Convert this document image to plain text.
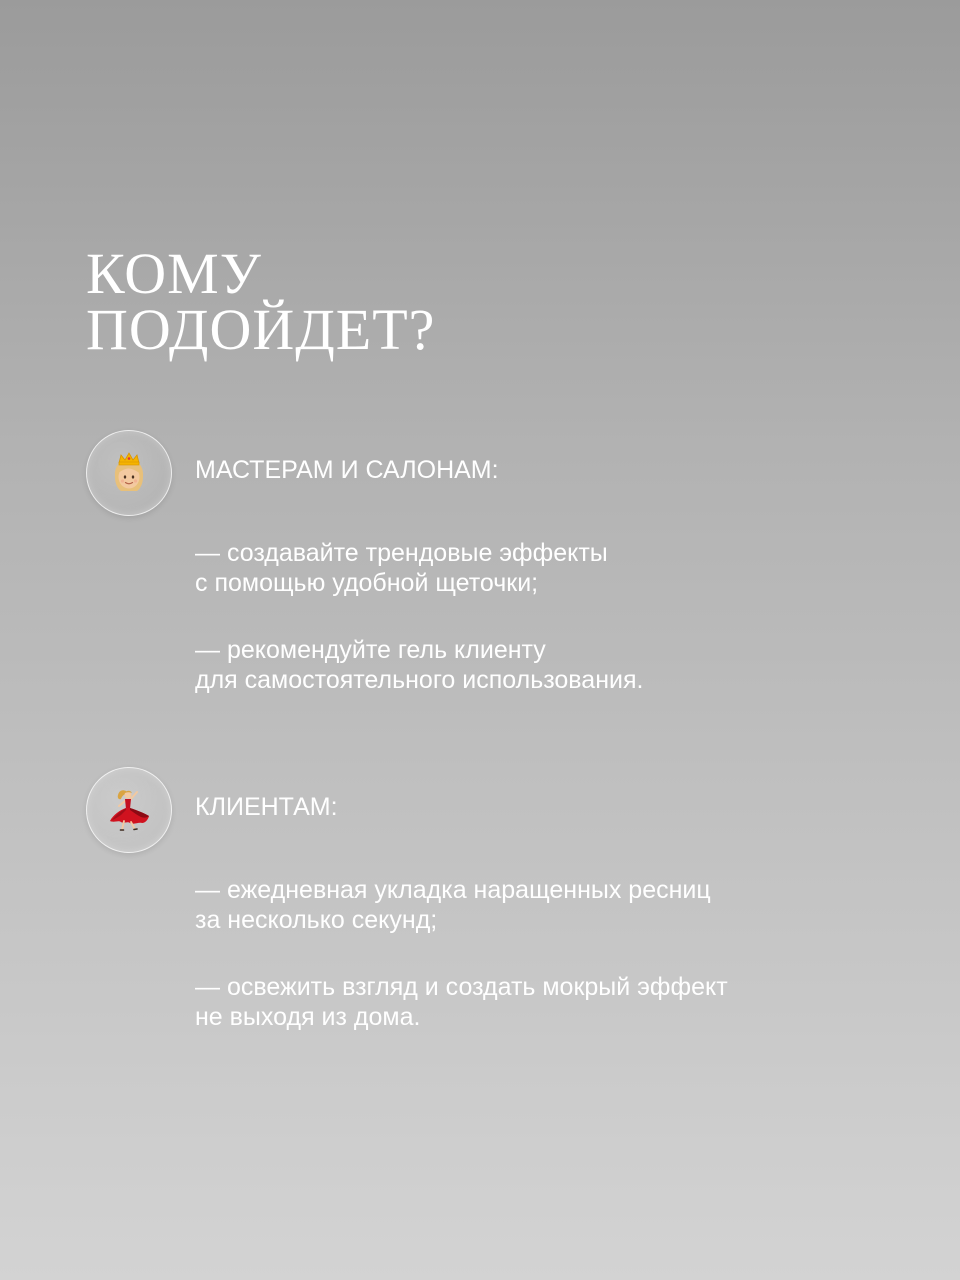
КОМУ
ПОДОЙДЕТ?
МАСТЕРАМ И САЛОНАМ:

— создавайте трендовые эффекты
с помощью удобной щеточки;

— рекомендуйте гель клиенту
для самостоятельного использования.

КЛИЕНТАМ:

— ежедневная укладка наращенных ресниц
за несколько секунд;

— освежить взгляд и создать мокрый эффект
не выходя из дома.
